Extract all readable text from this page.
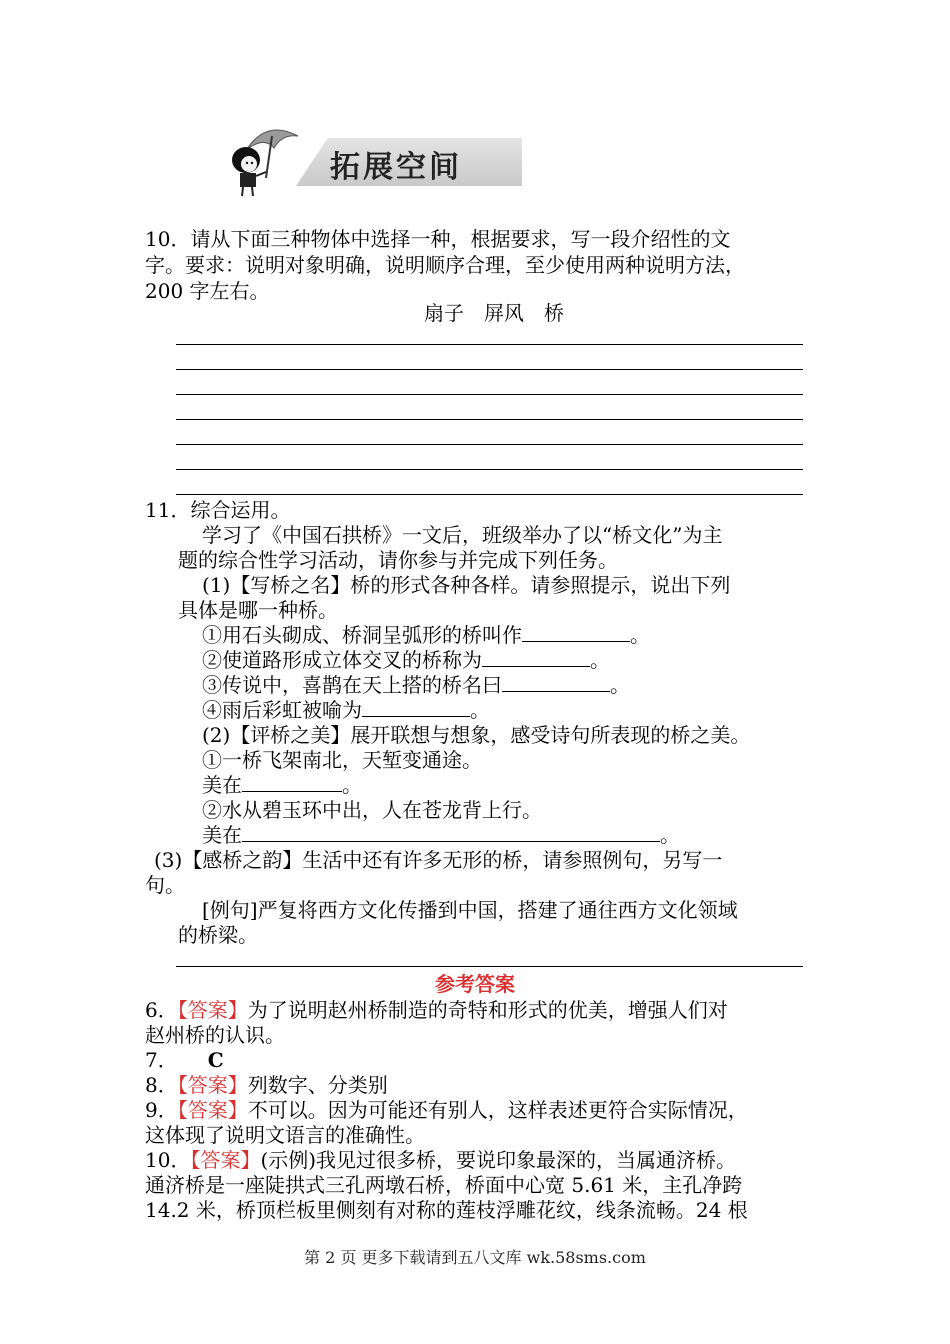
拓展空间
10．请从下面三种物体中选择一种，根据要求，写一段介绍性的文
字。要求：说明对象明确，说明顺序合理，至少使用两种说明方法，
200 字左右。
扇子　屏风　桥
11．综合运用。
学习了《中国石拱桥》一文后，班级举办了以“桥文化”为主
题的综合性学习活动，请你参与并完成下列任务。
(1)【写桥之名】桥的形式各种各样。请参照提示，说出下列
具体是哪一种桥。
①用石头砌成、桥洞呈弧形的桥叫作	。
②使道路形成立体交叉的桥称为	。
③传说中，喜鹊在天上搭的桥名曰	。
④雨后彩虹被喻为	。
(2)【评桥之美】展开联想与想象，感受诗句所表现的桥之美。
①一桥飞架南北，天堑变通途。
美在	。
②水从碧玉环中出，人在苍龙背上行。
美在	。
(3)【感桥之韵】生活中还有许多无形的桥，请参照例句，另写一
句。
[例句]严复将西方文化传播到中国，搭建了通往西方文化领域
的桥梁。
参考答案
6．【答案】为了说明赵州桥制造的奇特和形式的优美，增强人们对
赵州桥的认识。
7． C
8．【答案】列数字、分类别
9．【答案】不可以。因为可能还有别人，这样表述更符合实际情况，
这体现了说明文语言的准确性。
10．【答案】(示例)我见过很多桥，要说印象最深的，当属通济桥。
通济桥是一座陡拱式三孔两墩石桥，桥面中心宽 5.61 米，主孔净跨
14.2 米，桥顶栏板里侧刻有对称的莲枝浮雕花纹，线条流畅。24 根
第 2 页 更多下载请到五八文库 wk.58sms.com
